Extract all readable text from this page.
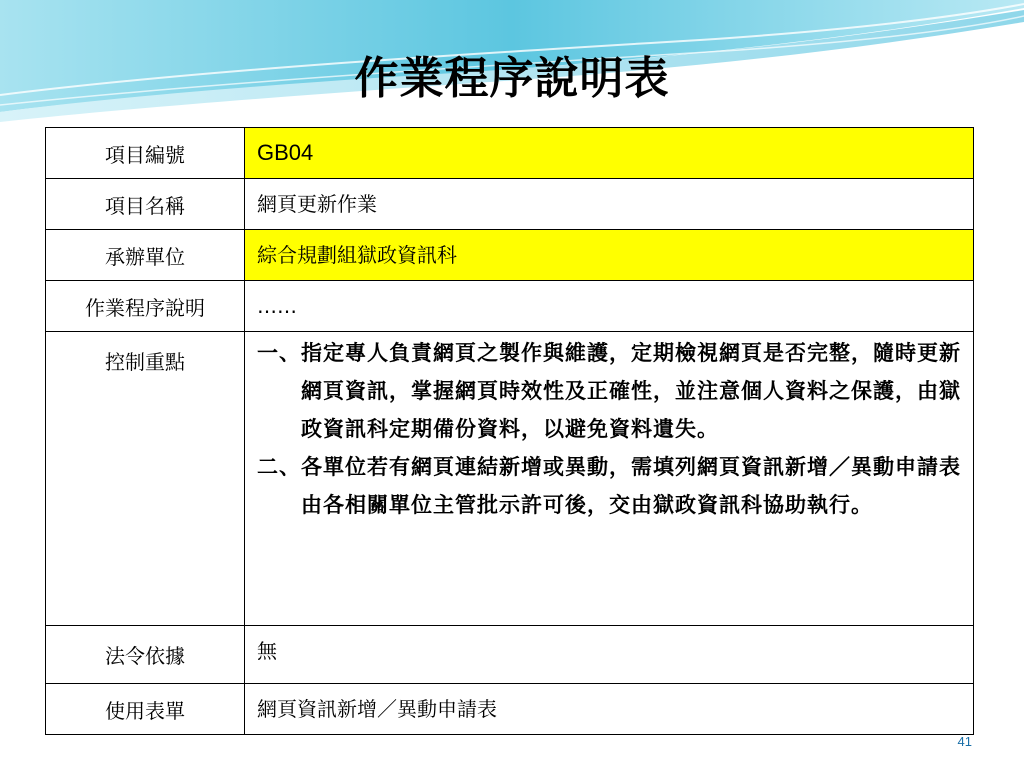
作業程序說明表
項目編號	GB04
項目名稱	網頁更新作業
承辦單位	綜合規劃組獄政資訊科
作業程序說明	……
控制重點	一、 指定專人負責網頁之製作與維護，定期檢視網頁是否完整，隨時更新網頁資訊，掌握網頁時效性及正確性，並注意個人資料之保護，由獄政資訊科定期備份資料，以避免資料遺失。
二、 各單位若有網頁連結新增或異動，需填列網頁資訊新增／異動申請表由各相關單位主管批示許可後，交由獄政資訊科協助執行。

法令依據	無
使用表單	網頁資訊新增／異動申請表
41
